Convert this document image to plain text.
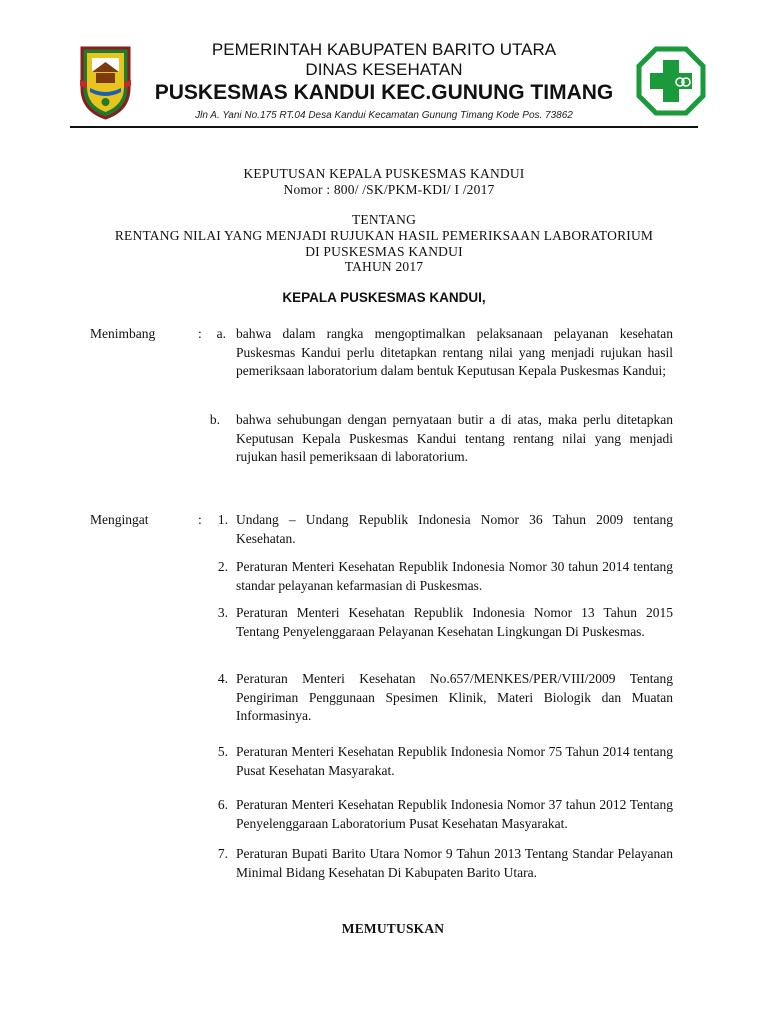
PEMERINTAH KABUPATEN BARITO UTARA
DINAS KESEHATAN
PUSKESMAS KANDUI KEC.GUNUNG TIMANG
Jln A. Yani No.175 RT.04 Desa Kandui Kecamatan Gunung Timang Kode Pos. 73862
KEPUTUSAN KEPALA PUSKESMAS KANDUI
Nomor : 800/ /SK/PKM-KDI/ I /2017
TENTANG
RENTANG NILAI YANG MENJADI RUJUKAN HASIL PEMERIKSAAN LABORATORIUM
DI PUSKESMAS KANDUI
TAHUN 2017
KEPALA PUSKESMAS KANDUI,
Menimbang	:	a. bahwa dalam rangka mengoptimalkan pelaksanaan pelayanan kesehatan Puskesmas Kandui perlu ditetapkan rentang nilai yang menjadi rujukan hasil pemeriksaan laboratorium dalam bentuk Keputusan Kepala Puskesmas Kandui;
b. bahwa sehubungan dengan pernyataan butir a di atas, maka perlu ditetapkan Keputusan Kepala Puskesmas Kandui tentang rentang nilai yang menjadi rujukan hasil pemeriksaan di laboratorium.
Mengingat	:	1. Undang – Undang Republik Indonesia Nomor 36 Tahun 2009 tentang Kesehatan.
2. Peraturan Menteri Kesehatan Republik Indonesia Nomor 30 tahun 2014 tentang standar pelayanan kefarmasian di Puskesmas.
3. Peraturan Menteri Kesehatan Republik Indonesia Nomor 13 Tahun 2015 Tentang Penyelenggaraan Pelayanan Kesehatan Lingkungan Di Puskesmas.
4. Peraturan Menteri Kesehatan No.657/MENKES/PER/VIII/2009 Tentang Pengiriman Penggunaan Spesimen Klinik, Materi Biologik dan Muatan Informasinya.
5. Peraturan Menteri Kesehatan Republik Indonesia Nomor 75 Tahun 2014 tentang Pusat Kesehatan Masyarakat.
6. Peraturan Menteri Kesehatan Republik Indonesia Nomor 37 tahun 2012 Tentang Penyelenggaraan Laboratorium Pusat Kesehatan Masyarakat.
7. Peraturan Bupati Barito Utara Nomor 9 Tahun 2013 Tentang Standar Pelayanan Minimal Bidang Kesehatan Di Kabupaten Barito Utara.
MEMUTUSKAN
